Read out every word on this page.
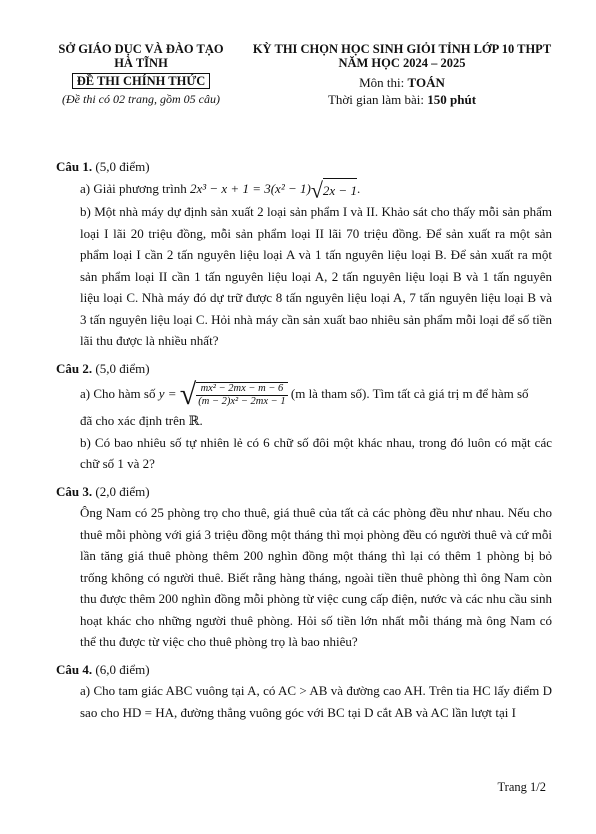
SỞ GIÁO DỤC VÀ ĐÀO TẠO
HÀ TĨNH
ĐỀ THI CHÍNH THỨC
(Đề thi có 02 trang, gồm 05 câu)
KỲ THI CHỌN HỌC SINH GIỎI TỈNH LỚP 10 THPT
NĂM HỌC 2024 – 2025
Môn thi: TOÁN
Thời gian làm bài: 150 phút
Câu 1. (5,0 điểm)
a) Giải phương trình 2x³ − x + 1 = 3(x² − 1)√2x − 1.
b) Một nhà máy dự định sản xuất 2 loại sản phẩm I và II. Khảo sát cho thấy mỗi sản phẩm loại I lãi 20 triệu đồng, mỗi sản phẩm loại II lãi 70 triệu đồng. Để sản xuất ra một sản phẩm loại I cần 2 tấn nguyên liệu loại A và 1 tấn nguyên liệu loại B. Để sản xuất ra một sản phẩm loại II cần 1 tấn nguyên liệu loại A, 2 tấn nguyên liệu loại B và 1 tấn nguyên liệu loại C. Nhà máy đó dự trữ được 8 tấn nguyên liệu loại A, 7 tấn nguyên liệu loại B và 3 tấn nguyên liệu loại C. Hỏi nhà máy cần sản xuất bao nhiêu sản phẩm mỗi loại để số tiền lãi thu được là nhiều nhất?
Câu 2. (5,0 điểm)
a) Cho hàm số y = √ $\frac{\text{mx² − 2mx − m − 6}}{\text{(m − 2)x² − 2mx − 1}} (m$ là tham số). Tìm tất cả giá trị m để hàm số
đã cho xác định trên ℝ.
b) Có bao nhiêu số tự nhiên lẻ có 6 chữ số đôi một khác nhau, trong đó luôn có mặt các chữ số 1 và 2?
Câu 3. (2,0 điểm)
Ông Nam có 25 phòng trọ cho thuê, giá thuê của tất cả các phòng đều như nhau. Nếu cho thuê mỗi phòng với giá 3 triệu đồng một tháng thì mọi phòng đều có người thuê và cứ mỗi lần tăng giá thuê phòng thêm 200 nghìn đồng một tháng thì lại có thêm 1 phòng bị bỏ trống không có người thuê. Biết rằng hàng tháng, ngoài tiền thuê phòng thì ông Nam còn thu được thêm 200 nghìn đồng mỗi phòng từ việc cung cấp điện, nước và các nhu cầu sinh hoạt khác cho những người thuê phòng. Hỏi số tiền lớn nhất mỗi tháng mà ông Nam có thể thu được từ việc cho thuê phòng trọ là bao nhiêu?
Câu 4. (6,0 điểm)
a) Cho tam giác ABC vuông tại A, có AC > AB và đường cao AH. Trên tia HC lấy điểm D sao cho HD = HA, đường thẳng vuông góc với BC tại D cắt AB và AC lần lượt tại I
Trang 1/2
